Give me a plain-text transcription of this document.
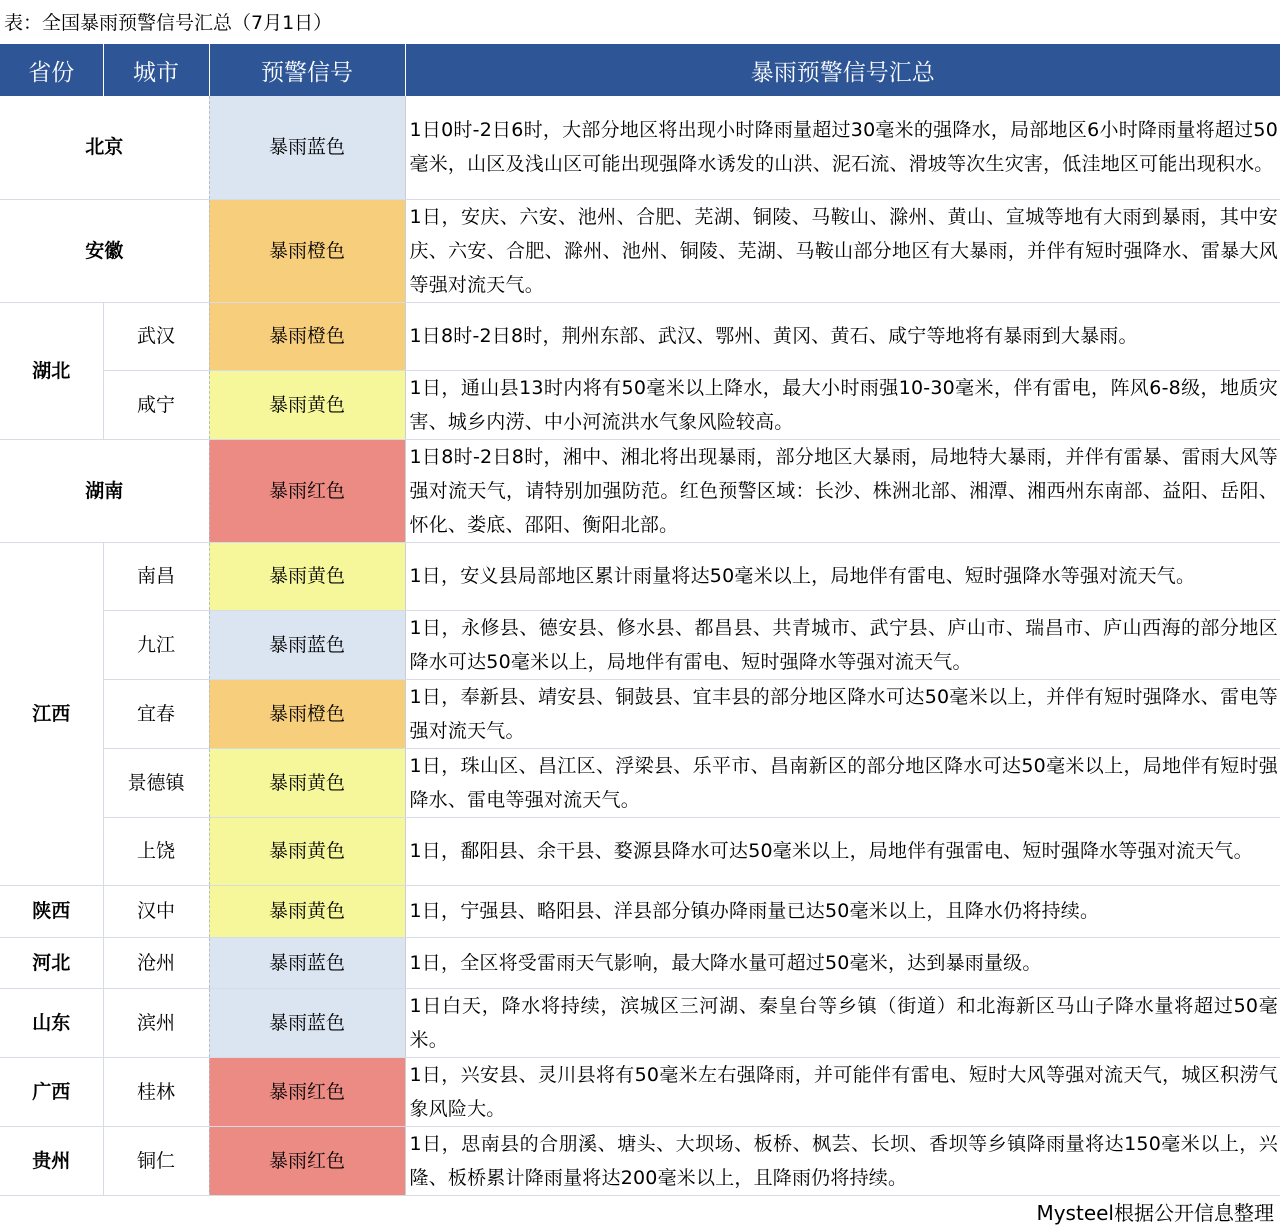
表：全国暴雨预警信号汇总（7月1日）
省份	城市	预警信号	暴雨预警信号汇总
北京		暴雨蓝色	1日0时-2日6时，大部分地区将出现小时降雨量超过30毫米的强降水，局部地区6小时降雨量将超过50毫米，山区及浅山区可能出现强降水诱发的山洪、泥石流、滑坡等次生灾害，低洼地区可能出现积水。
安徽		暴雨橙色	1日，安庆、六安、池州、合肥、芜湖、铜陵、马鞍山、滁州、黄山、宣城等地有大雨到暴雨，其中安庆、六安、合肥、滁州、池州、铜陵、芜湖、马鞍山部分地区有大暴雨，并伴有短时强降水、雷暴大风等强对流天气。
湖北	武汉	暴雨橙色	1日8时-2日8时，荆州东部、武汉、鄂州、黄冈、黄石、咸宁等地将有暴雨到大暴雨。
	咸宁	暴雨黄色	1日，通山县13时内将有50毫米以上降水，最大小时雨强10-30毫米，伴有雷电，阵风6-8级，地质灾害、城乡内涝、中小河流洪水气象风险较高。
湖南		暴雨红色	1日8时-2日8时，湘中、湘北将出现暴雨，部分地区大暴雨，局地特大暴雨，并伴有雷暴、雷雨大风等强对流天气，请特别加强防范。红色预警区域：长沙、株洲北部、湘潭、湘西州东南部、益阳、岳阳、怀化、娄底、邵阳、衡阳北部。
江西	南昌	暴雨黄色	1日，安义县局部地区累计雨量将达50毫米以上，局地伴有雷电、短时强降水等强对流天气。
	九江	暴雨蓝色	1日，永修县、德安县、修水县、都昌县、共青城市、武宁县、庐山市、瑞昌市、庐山西海的部分地区降水可达50毫米以上，局地伴有雷电、短时强降水等强对流天气。
	宜春	暴雨橙色	1日，奉新县、靖安县、铜鼓县、宜丰县的部分地区降水可达50毫米以上，并伴有短时强降水、雷电等强对流天气。
	景德镇	暴雨黄色	1日，珠山区、昌江区、浮梁县、乐平市、昌南新区的部分地区降水可达50毫米以上，局地伴有短时强降水、雷电等强对流天气。
	上饶	暴雨黄色	1日，鄱阳县、余干县、婺源县降水可达50毫米以上，局地伴有强雷电、短时强降水等强对流天气。
陕西	汉中	暴雨黄色	1日，宁强县、略阳县、洋县部分镇办降雨量已达50毫米以上，且降水仍将持续。
河北	沧州	暴雨蓝色	1日，全区将受雷雨天气影响，最大降水量可超过50毫米，达到暴雨量级。
山东	滨州	暴雨蓝色	1日白天，降水将持续，滨城区三河湖、秦皇台等乡镇（街道）和北海新区马山子降水量将超过50毫米。
广西	桂林	暴雨红色	1日，兴安县、灵川县将有50毫米左右强降雨，并可能伴有雷电、短时大风等强对流天气，城区积涝气象风险大。
贵州	铜仁	暴雨红色	1日，思南县的合朋溪、塘头、大坝场、板桥、枫芸、长坝、香坝等乡镇降雨量将达150毫米以上，兴隆、板桥累计降雨量将达200毫米以上，且降雨仍将持续。
Mysteel根据公开信息整理
